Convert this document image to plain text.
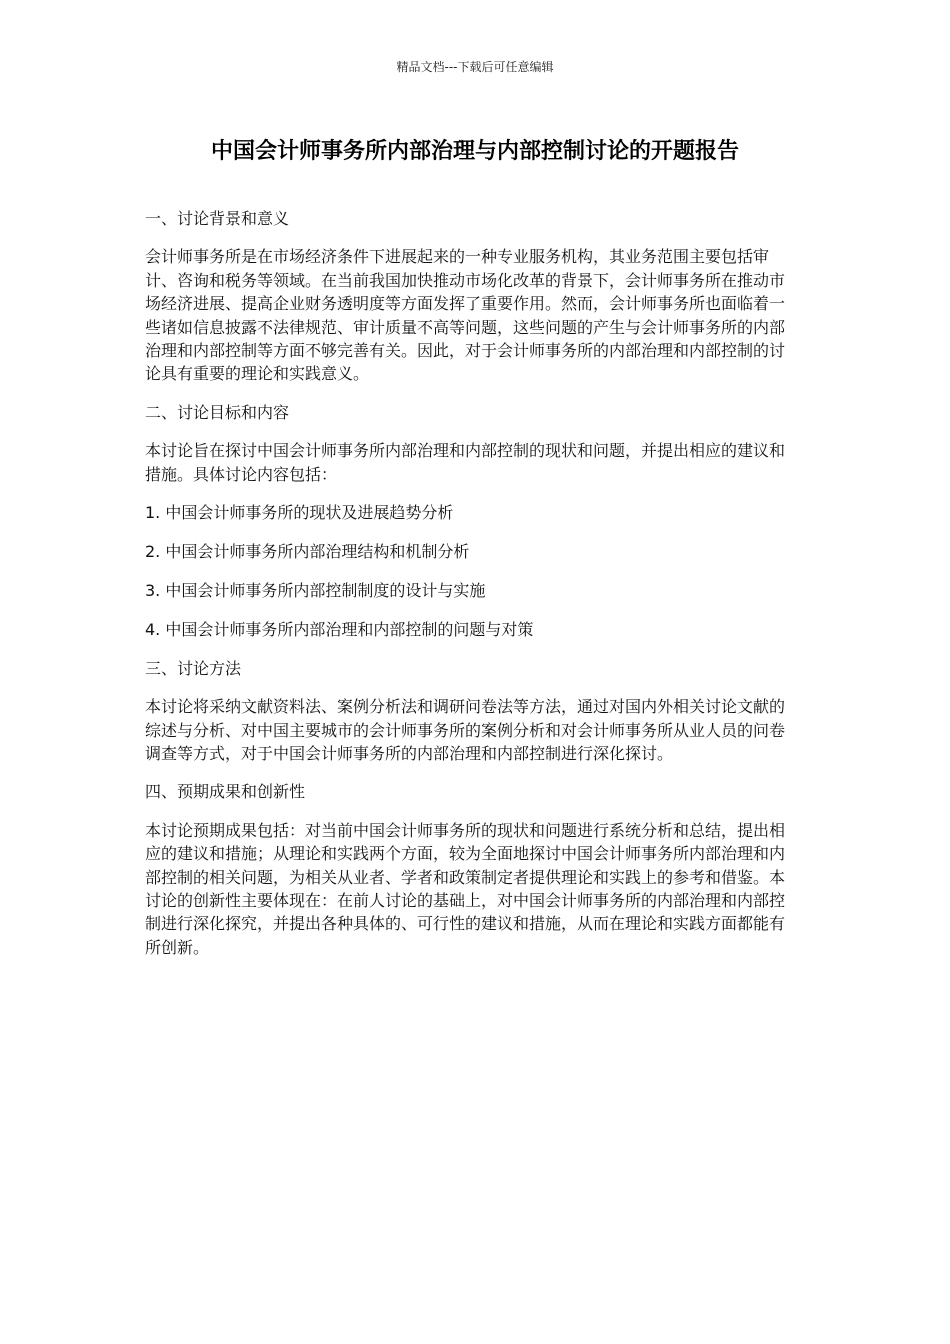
精品文档---下载后可任意编辑
中国会计师事务所内部治理与内部控制讨论的开题报告

一、讨论背景和意义

会计师事务所是在市场经济条件下进展起来的一种专业服务机构，其业务范围主要包括审计、咨询和税务等领域。在当前我国加快推动市场化改革的背景下，会计师事务所在推动市场经济进展、提高企业财务透明度等方面发挥了重要作用。然而，会计师事务所也面临着一些诸如信息披露不法律规范、审计质量不高等问题，这些问题的产生与会计师事务所的内部治理和内部控制等方面不够完善有关。因此，对于会计师事务所的内部治理和内部控制的讨论具有重要的理论和实践意义。

二、讨论目标和内容

本讨论旨在探讨中国会计师事务所内部治理和内部控制的现状和问题，并提出相应的建议和措施。具体讨论内容包括：

1. 中国会计师事务所的现状及进展趋势分析

2. 中国会计师事务所内部治理结构和机制分析

3. 中国会计师事务所内部控制制度的设计与实施

4. 中国会计师事务所内部治理和内部控制的问题与对策

三、讨论方法

本讨论将采纳文献资料法、案例分析法和调研问卷法等方法，通过对国内外相关讨论文献的综述与分析、对中国主要城市的会计师事务所的案例分析和对会计师事务所从业人员的问卷调查等方式，对于中国会计师事务所的内部治理和内部控制进行深化探讨。

四、预期成果和创新性

本讨论预期成果包括：对当前中国会计师事务所的现状和问题进行系统分析和总结，提出相应的建议和措施；从理论和实践两个方面，较为全面地探讨中国会计师事务所内部治理和内部控制的相关问题，为相关从业者、学者和政策制定者提供理论和实践上的参考和借鉴。本讨论的创新性主要体现在：在前人讨论的基础上，对中国会计师事务所的内部治理和内部控制进行深化探究，并提出各种具体的、可行性的建议和措施，从而在理论和实践方面都能有所创新。
